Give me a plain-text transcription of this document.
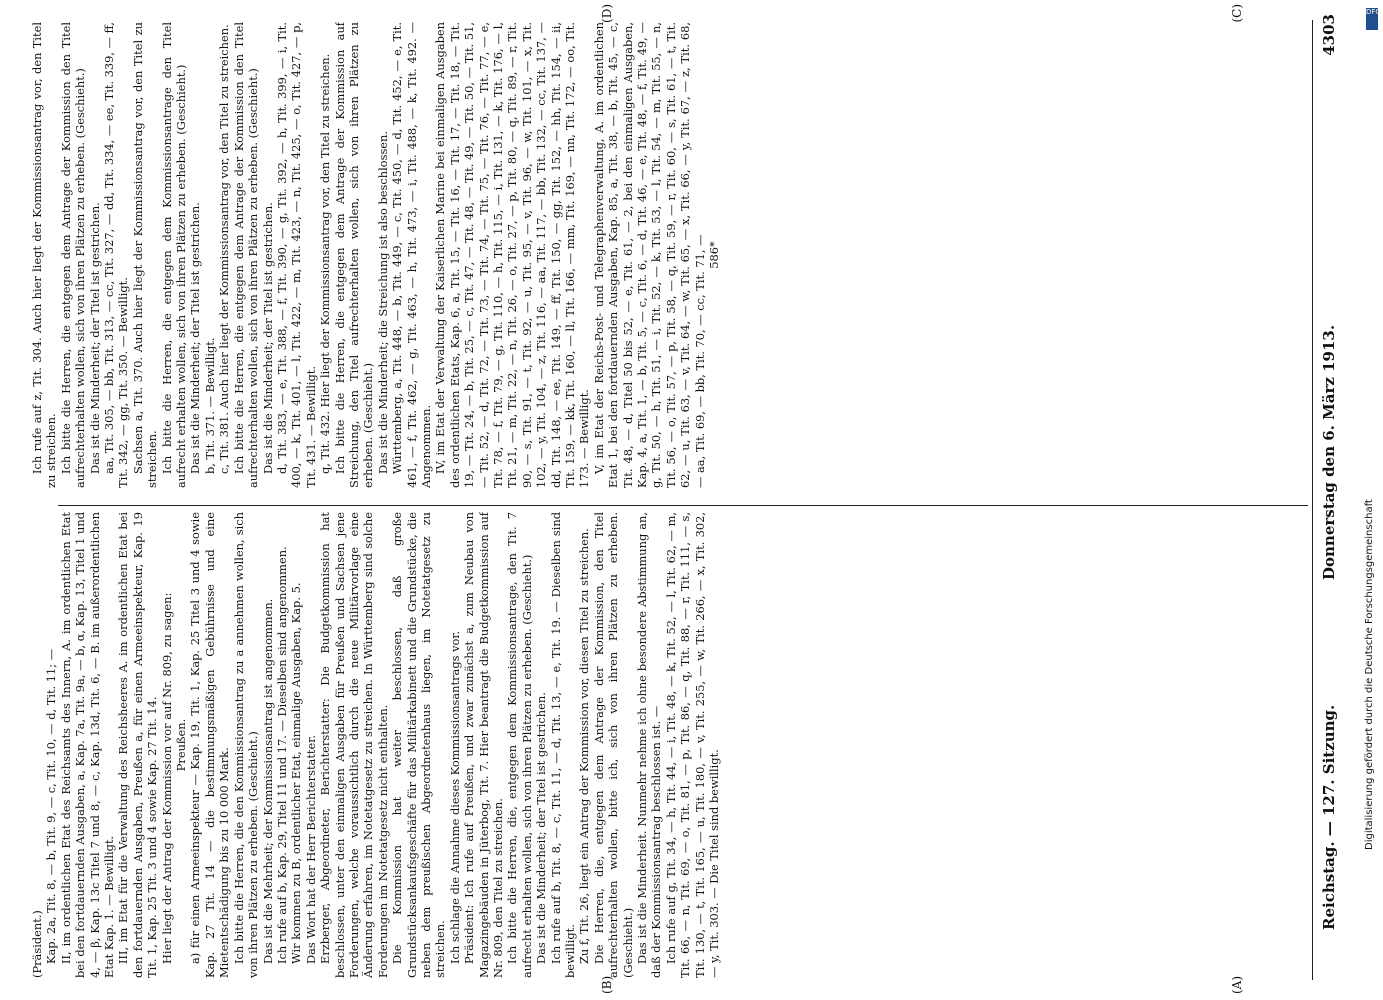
Reichstag. — 127. Sitzung.
Donnerstag den 6. März 1913.
4303
(A)
(B)
(C)
(D)

(Präsident.) Kap. 2a, Tit. 8, — b, Tit. 9, — c, Tit. 10, — d, Tit. 11; — II, im ordentlichen Etat des Reichsamts des Innern, A. im ordentlichen Etat bei den fortdauernden Ausgaben, a, Kap. 7a, Tit. 9a, — b, α, Kap. 13, Titel 1 und 4, — β, Kap. 13c Titel 7 und 8, — c, Kap. 13d, Tit. 6, — B. im außerordentlichen Etat Kap. 1. — Bewilligt. III, im Etat für die Verwaltung des Reichsheeres A. im ordentlichen Etat bei den fortdauernden Ausgaben, Preußen a, für einen Armeeinspekteur, Kap. 19 Tit. 1, Kap. 25 Tit. 3 und 4 sowie Kap. 27 Tit. 14. Hier liegt der Antrag der Kommission vor auf Nr. 809, zu sagen: Preußen. a) für einen Armeeinspekteur — Kap. 19, Tit. 1, Kap. 25 Titel 3 und 4 sowie Kap. 27 Tit. 14 — die bestimmungsmäßigen Gebührnisse und eine Mietentschädigung bis zu 10 000 Mark. Ich bitte die Herren, die den Kommissionsantrag zu a annehmen wollen, sich von ihren Plätzen zu erheben. (Geschieht.) Das ist die Mehrheit; der Kommissionsantrag ist angenommen. Ich rufe auf b, Kap. 29, Titel 11 und 17. — Dieselben sind angenommen. Wir kommen zu B, ordentlicher Etat, einmalige Ausgaben, Kap. 5. Das Wort hat der Herr Berichterstatter. Erzberger, Abgeordneter, Berichterstatter: Die Budgetkommission hat beschlossen, unter den einmaligen Ausgaben für Preußen und Sachsen jene Forderungen, welche voraussichtlich durch die neue Militärvorlage eine Änderung erfahren, im Notetatgesetz zu streichen. In Württemberg sind solche Forderungen im Notetatgesetz nicht enthalten. Die Kommission hat weiter beschlossen, daß große Grundstücksankaufsgeschäfte für das Militärkabinett und die Grundstücke, die neben dem preußischen Abgeordnetenhaus liegen, im Notetatgesetz zu streichen. Ich schlage die Annahme dieses Kommissionsantrags vor. Präsident: Ich rufe auf Preußen, und zwar zunächst a, zum Neubau von Magazingebäuden in Jüterbog, Tit. 7. Hier beantragt die Budgetkommission auf Nr. 809, den Titel zu streichen. Ich bitte die Herren, die, entgegen dem Kommissionsantrage, den Tit. 7 aufrecht erhalten wollen, sich von ihren Plätzen zu erheben. (Geschieht.) Das ist die Minderheit; der Titel ist gestrichen. Ich rufe auf b, Tit. 8, — c, Tit. 11, — d, Tit. 13, — e, Tit. 19. — Dieselben sind bewilligt. Zu f, Tit. 26, liegt ein Antrag der Kommission vor, diesen Titel zu streichen. Die Herren, die, entgegen dem Antrage der Kommission, den Titel aufrechterhalten wollen, bitte ich, sich von ihren Plätzen zu erheben. (Geschieht.) Das ist die Minderheit. Nunmehr nehme ich ohne besondere Abstimmung an, daß der Kommissionsantrag beschlossen ist. — Ich rufe auf g, Tit. 34, — h, Tit. 44, — i, Tit. 48, — k, Tit. 52, — l, Tit. 62, — m, Tit. 66, — n, Tit. 69, — o, Tit. 81, — p, Tit. 86, — q, Tit. 88, — r, Tit. 111, — s, Tit. 130, — t, Tit. 165, — u, Tit. 180, — v, Tit. 255, — w, Tit. 266, — x, Tit. 302, — y, Tit. 303. — Die Titel sind bewilligt.

Ich rufe auf z, Tit. 304. Auch hier liegt der Kommissionsantrag vor, den Titel zu streichen. Ich bitte die Herren, die entgegen dem Antrage der Kommission den Titel aufrechterhalten wollen, sich von ihren Plätzen zu erheben. (Geschieht.) Das ist die Minderheit; der Titel ist gestrichen. aa, Tit. 305, — bb, Tit. 313, — cc, Tit. 327, — dd, Tit. 334, — ee, Tit. 339, — ff, Tit. 342, — gg, Tit. 350. — Bewilligt. Sachsen a, Tit. 370. Auch hier liegt der Kommissionsantrag vor, den Titel zu streichen. Ich bitte die Herren, die entgegen dem Kommissionsantrage den Titel aufrecht erhalten wollen, sich von ihren Plätzen zu erheben. (Geschieht.) Das ist die Minderheit; der Titel ist gestrichen. b, Tit. 371. — Bewilligt. c, Tit. 381. Auch hier liegt der Kommissionsantrag vor, den Titel zu streichen. Ich bitte die Herren, die entgegen dem Antrage der Kommission den Titel aufrechterhalten wollen, sich von ihren Plätzen zu erheben. (Geschieht.) Das ist die Minderheit; der Titel ist gestrichen. d, Tit. 383, — e, Tit. 388, — f, Tit. 390, — g, Tit. 392, — h, Tit. 399, — i, Tit. 400, — k, Tit. 401, — l, Tit. 422, — m, Tit. 423, — n, Tit. 425, — o, Tit. 427, — p, Tit. 431. — Bewilligt. q, Tit. 432. Hier liegt der Kommissionsantrag vor, den Titel zu streichen. Ich bitte die Herren, die entgegen dem Antrage der Kommission auf Streichung, den Titel aufrechterhalten wollen, sich von ihren Plätzen zu erheben. (Geschieht.) Das ist die Minderheit; die Streichung ist also beschlossen. Württemberg, a, Tit. 448, — b, Tit. 449, — c, Tit. 450, — d, Tit. 452, — e, Tit. 461, — f, Tit. 462, — g, Tit. 463, — h, Tit. 473, — i, Tit. 488, — k, Tit. 492. — Angenommen. IV, im Etat der Verwaltung der Kaiserlichen Marine bei einmaligen Ausgaben des ordentlichen Etats, Kap. 6, a, Tit. 15, — Tit. 16, — Tit. 17, — Tit. 18, — Tit. 19, — Tit. 24, — b, Tit. 25, — c, Tit. 47, — Tit. 48, — Tit. 49, — Tit. 50, — Tit. 51, — Tit. 52, — d, Tit. 72, — Tit. 73, — Tit. 74, — Tit. 75, — Tit. 76, — Tit. 77, — e, Tit. 78, — f, Tit. 79, — g, Tit. 110, — h, Tit. 115, — i, Tit. 131, — k, Tit. 176, — l, Tit. 21, — m, Tit. 22, — n, Tit. 26, — o, Tit. 27, — p, Tit. 80, — q, Tit. 89, — r, Tit. 90, — s, Tit. 91, — t, Tit. 92, — u, Tit. 95, — v, Tit. 96, — w, Tit. 101, — x, Tit. 102, — y, Tit. 104, — z, Tit. 116, — aa, Tit. 117, — bb, Tit. 132, — cc, Tit. 137, — dd, Tit. 148, — ee, Tit. 149, — ff, Tit. 150, — gg, Tit. 152, — hh, Tit. 154, — ii, Tit. 159, — kk, Tit. 160, — ll, Tit. 166, — mm, Tit. 169, — nn, Tit. 172, — oo, Tit. 173. — Bewilligt. V, im Etat der Reichs-Post- und Telegraphenverwaltung, A. im ordentlichen Etat 1, bei den fortdauernden Ausgaben, Kap. 85, a, Tit. 38, — b, Tit. 45, — c, Tit. 48, — d, Titel 50 bis 52, — e, Tit. 61, — 2, bei den einmaligen Ausgaben, Kap. 4, a, Tit. 1, — b, Tit. 5, — c, Tit. 6, — d, Tit. 46, — e, Tit. 48, — f, Tit. 49, — g, Tit. 50, — h, Tit. 51, — i, Tit. 52, — k, Tit. 53, — l, Tit. 54, — m, Tit. 55, — n, Tit. 56, — o, Tit. 57, — p, Tit. 58, — q, Tit. 59, — r, Tit. 60, — s, Tit. 61, — t, Tit. 62, — u, Tit. 63, — v, Tit. 64, — w, Tit. 65, — x, Tit. 66, — y, Tit. 67, — z, Tit. 68, — aa, Tit. 69, — bb, Tit. 70, — cc, Tit. 71, — 586*

DFG
Digitalisierung gefördert durch die Deutsche Forschungsgemeinschaft
